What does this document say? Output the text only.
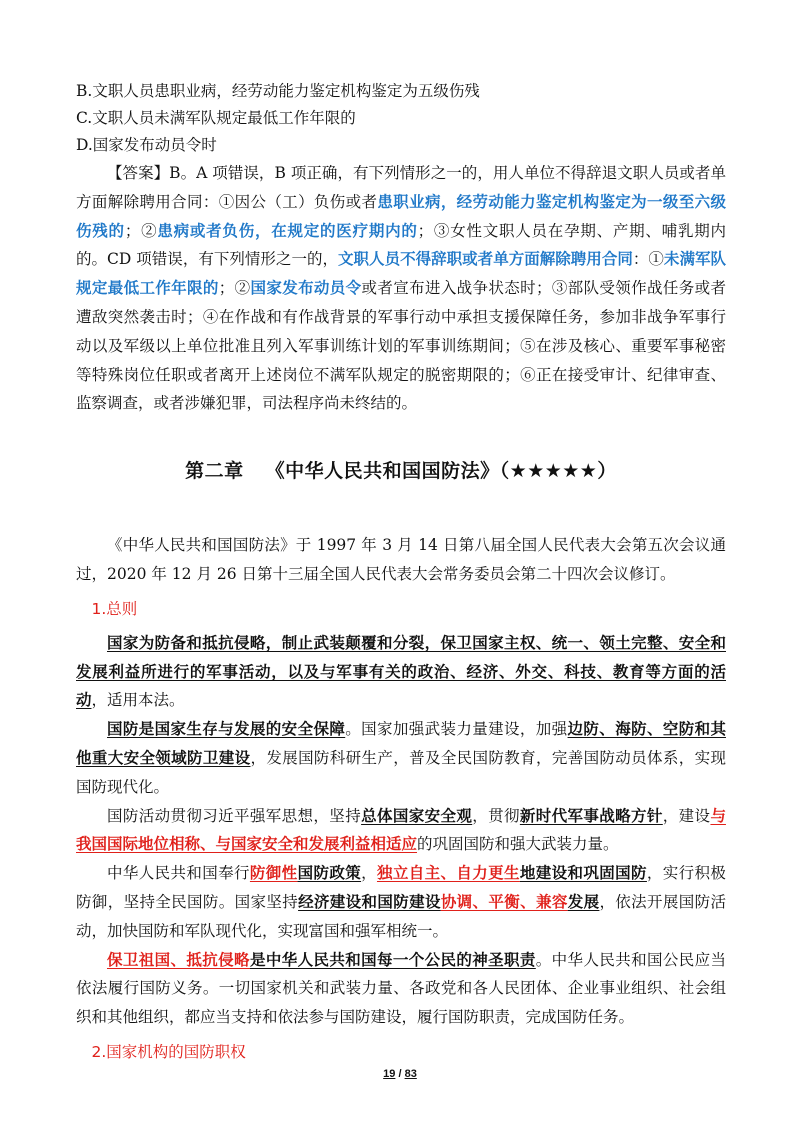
B.文职人员患职业病，经劳动能力鉴定机构鉴定为五级伤残

C.文职人员未满军队规定最低工作年限的

D.国家发布动员令时

【答案】B。A 项错误，B 项正确，有下列情形之一的，用人单位不得辞退文职人员或者单方面解除聘用合同：①因公（工）负伤或者患职业病，经劳动能力鉴定机构鉴定为一级至六级伤残的；②患病或者负伤，在规定的医疗期内的；③女性文职人员在孕期、产期、哺乳期内的。CD 项错误，有下列情形之一的，文职人员不得辞职或者单方面解除聘用合同：①未满军队规定最低工作年限的；②国家发布动员令或者宣布进入战争状态时；③部队受领作战任务或者遭敌突然袭击时；④在作战和有作战背景的军事行动中承担支援保障任务，参加非战争军事行动以及军级以上单位批准且列入军事训练计划的军事训练期间；⑤在涉及核心、重要军事秘密等特殊岗位任职或者离开上述岗位不满军队规定的脱密期限的；⑥正在接受审计、纪律审查、监察调查，或者涉嫌犯罪，司法程序尚未终结的。

第二章 《中华人民共和国国防法》（★★★★★）

《中华人民共和国国防法》于 1997 年 3 月 14 日第八届全国人民代表大会第五次会议通过，2020 年 12 月 26 日第十三届全国人民代表大会常务委员会第二十四次会议修订。

1.总则

国家为防备和抵抗侵略，制止武装颠覆和分裂，保卫国家主权、统一、领土完整、安全和发展利益所进行的军事活动，以及与军事有关的政治、经济、外交、科技、教育等方面的活动，适用本法。

国防是国家生存与发展的安全保障。国家加强武装力量建设，加强边防、海防、空防和其他重大安全领域防卫建设，发展国防科研生产，普及全民国防教育，完善国防动员体系，实现国防现代化。

国防活动贯彻习近平强军思想，坚持总体国家安全观，贯彻新时代军事战略方针，建设与我国国际地位相称、与国家安全和发展利益相适应的巩固国防和强大武装力量。

中华人民共和国奉行防御性国防政策，独立自主、自力更生地建设和巩固国防，实行积极防御，坚持全民国防。国家坚持经济建设和国防建设协调、平衡、兼容发展，依法开展国防活动，加快国防和军队现代化，实现富国和强军相统一。

保卫祖国、抵抗侵略是中华人民共和国每一个公民的神圣职责。中华人民共和国公民应当依法履行国防义务。一切国家机关和武装力量、各政党和各人民团体、企业事业组织、社会组织和其他组织，都应当支持和依法参与国防建设，履行国防职责，完成国防任务。

2.国家机构的国防职权
19 / 83
